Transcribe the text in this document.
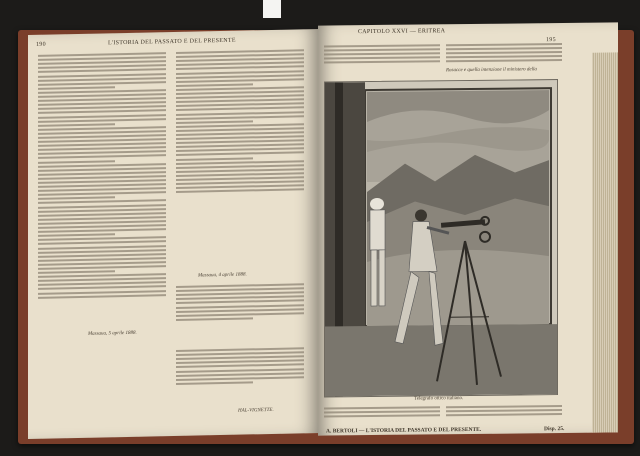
190	L'ISTORIA DEL PASSATO E DEL PRESENTE
Massaua, 4 aprile 1888.
Massaua, 5 aprile 1888.
HAL-VIGNETTE.
CAPITOLO XXVI — ERITREA
195
Rosacce e quella intenzione il ministero della
Telegrafo ottico italiano.
A. BERTOLI — L'ISTORIA DEL PASSATO E DEL PRESENTE.	Disp. 25.
